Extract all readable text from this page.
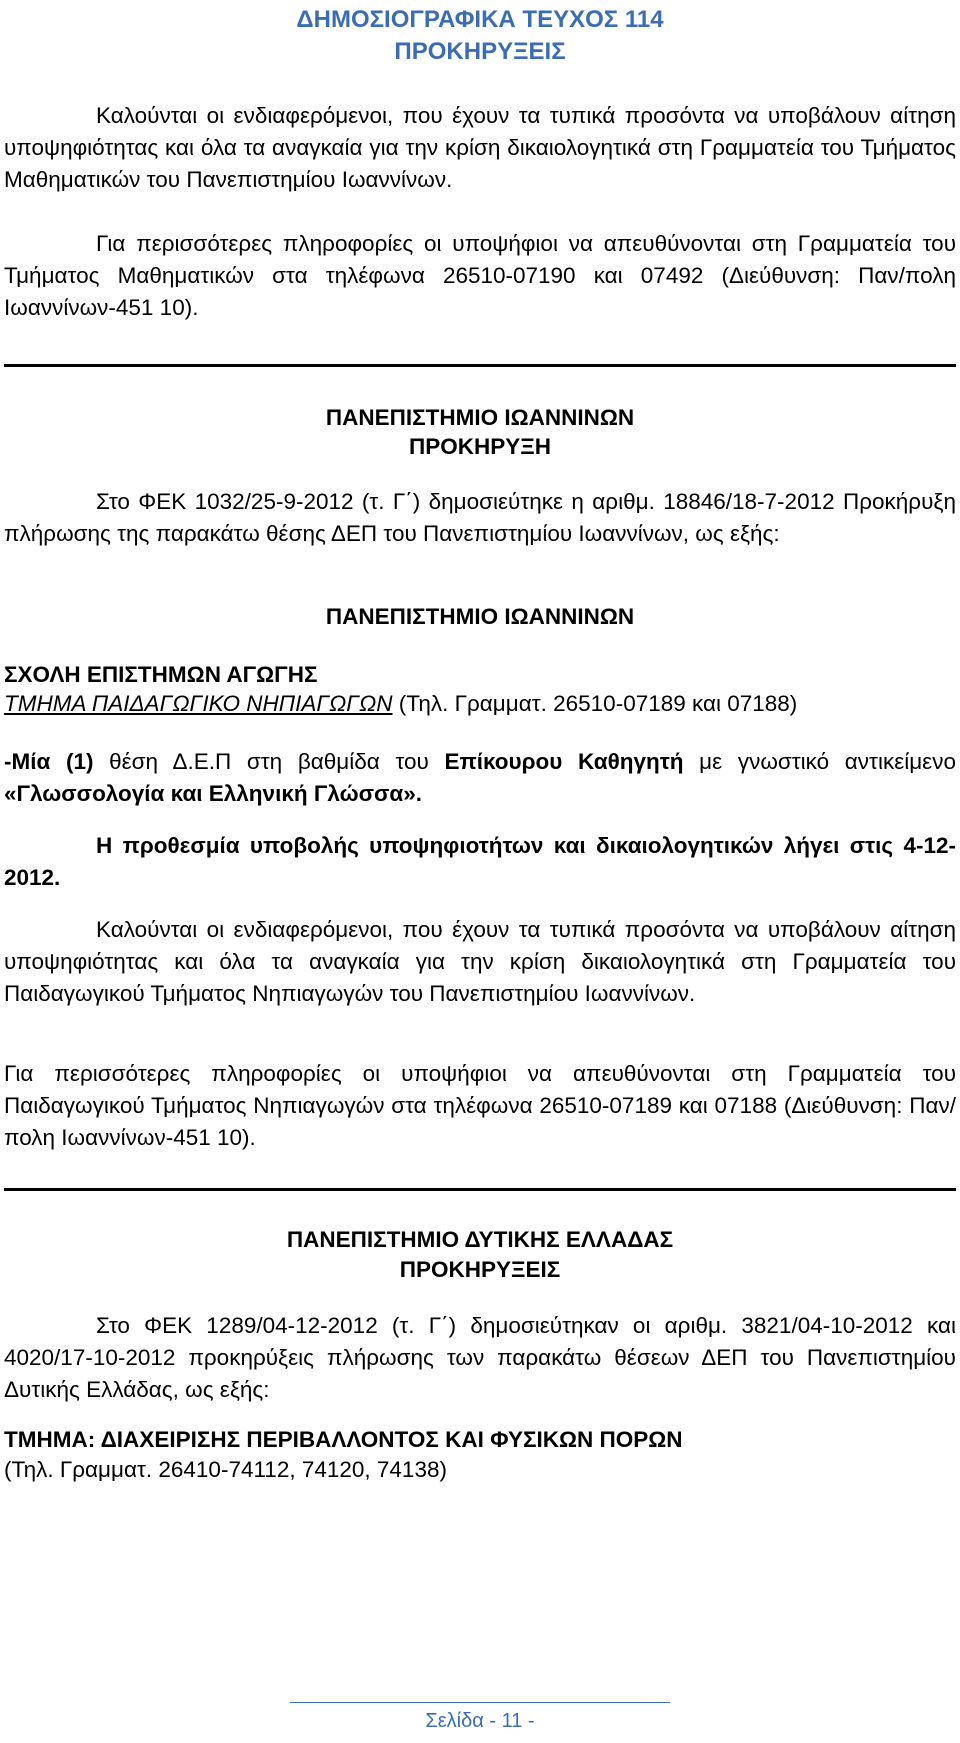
ΔΗΜΟΣΙΟΓΡΑΦΙΚΑ ΤΕΥΧΟΣ 114
ΠΡΟΚΗΡΥΞΕΙΣ

Καλούνται οι ενδιαφερόμενοι, που έχουν τα τυπικά προσόντα να υποβάλουν αίτηση υποψηφιότητας και όλα τα αναγκαία για την κρίση δικαιολογητικά στη Γραμματεία του Τμήματος Μαθηματικών του Πανεπιστημίου Ιωαννίνων.

Για περισσότερες πληροφορίες οι υποψήφιοι να απευθύνονται στη Γραμματεία του Τμήματος Μαθηματικών στα τηλέφωνα 26510-07190 και 07492 (Διεύθυνση: Παν/πολη Ιωαννίνων-451 10).

ΠΑΝΕΠΙΣΤΗΜΙΟ ΙΩΑΝΝΙΝΩΝ
ΠΡΟΚΗΡΥΞΗ

Στο ΦΕΚ 1032/25-9-2012 (τ. Γ΄) δημοσιεύτηκε η αριθμ. 18846/18-7-2012 Προκήρυξη πλήρωσης της παρακάτω θέσης ΔΕΠ του Πανεπιστημίου Ιωαννίνων, ως εξής:

ΠΑΝΕΠΙΣΤΗΜΙΟ ΙΩΑΝΝΙΝΩΝ
ΣΧΟΛΗ ΕΠΙΣΤΗΜΩΝ ΑΓΩΓΗΣ

ΤΜΗΜΑ ΠΑΙΔΑΓΩΓΙΚΟ ΝΗΠΙΑΓΩΓΩΝ (Τηλ. Γραμματ. 26510-07189 και 07188)

-Μία (1) θέση Δ.Ε.Π στη βαθμίδα του Επίκουρου Καθηγητή με γνωστικό αντικείμενο «Γλωσσολογία και Ελληνική Γλώσσα».

Η προθεσμία υποβολής υποψηφιοτήτων και δικαιολογητικών λήγει στις 4-12-2012.

Καλούνται οι ενδιαφερόμενοι, που έχουν τα τυπικά προσόντα να υποβάλουν αίτηση υποψηφιότητας και όλα τα αναγκαία για την κρίση δικαιολογητικά στη Γραμματεία του Παιδαγωγικού Τμήματος Νηπιαγωγών του Πανεπιστημίου Ιωαννίνων.

Για περισσότερες πληροφορίες οι υποψήφιοι να απευθύνονται στη Γραμματεία του Παιδαγωγικού Τμήματος Νηπιαγωγών στα τηλέφωνα 26510-07189 και 07188 (Διεύθυνση: Παν/πολη Ιωαννίνων-451 10).

ΠΑΝΕΠΙΣΤΗΜΙΟ ΔΥΤΙΚΗΣ ΕΛΛΑΔΑΣ
ΠΡΟΚΗΡΥΞΕΙΣ

Στο ΦΕΚ 1289/04-12-2012 (τ. Γ΄) δημοσιεύτηκαν οι αριθμ. 3821/04-10-2012 και 4020/17-10-2012 προκηρύξεις πλήρωσης των παρακάτω θέσεων ΔΕΠ του Πανεπιστημίου Δυτικής Ελλάδας, ως εξής:

ΤΜΗΜΑ: ΔΙΑΧΕΙΡΙΣΗΣ ΠΕΡΙΒΑΛΛΟΝΤΟΣ ΚΑΙ ΦΥΣΙΚΩΝ ΠΟΡΩΝ
(Τηλ. Γραμματ. 26410-74112, 74120, 74138)
Σελίδα - 11 -
